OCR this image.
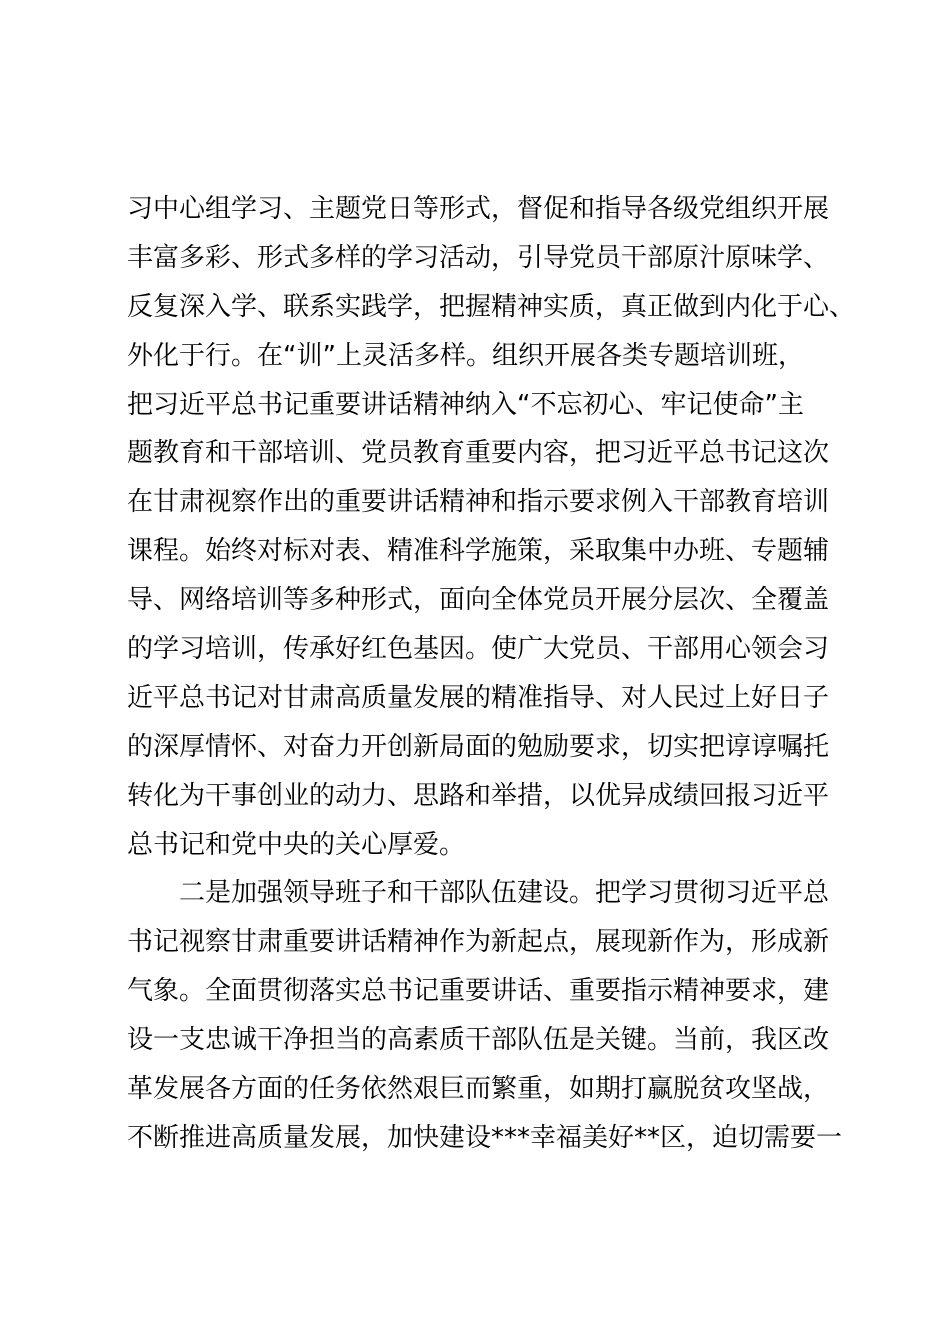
习中心组学习、主题党日等形式，督促和指导各级党组织开展
丰富多彩、形式多样的学习活动，引导党员干部原汁原味学、
反复深入学、联系实践学，把握精神实质，真正做到内化于心、
外化于行。在“训”上灵活多样。组织开展各类专题培训班，
把习近平总书记重要讲话精神纳入“不忘初心、牢记使命”主
题教育和干部培训、党员教育重要内容，把习近平总书记这次
在甘肃视察作出的重要讲话精神和指示要求例入干部教育培训
课程。始终对标对表、精准科学施策，采取集中办班、专题辅
导、网络培训等多种形式，面向全体党员开展分层次、全覆盖
的学习培训，传承好红色基因。使广大党员、干部用心领会习
近平总书记对甘肃高质量发展的精准指导、对人民过上好日子
的深厚情怀、对奋力开创新局面的勉励要求，切实把谆谆嘱托
转化为干事创业的动力、思路和举措，以优异成绩回报习近平
总书记和党中央的关心厚爱。
二是加强领导班子和干部队伍建设。把学习贯彻习近平总
书记视察甘肃重要讲话精神作为新起点，展现新作为，形成新
气象。全面贯彻落实总书记重要讲话、重要指示精神要求，建
设一支忠诚干净担当的高素质干部队伍是关键。当前，我区改
革发展各方面的任务依然艰巨而繁重，如期打赢脱贫攻坚战，
不断推进高质量发展，加快建设***幸福美好**区，迫切需要一
